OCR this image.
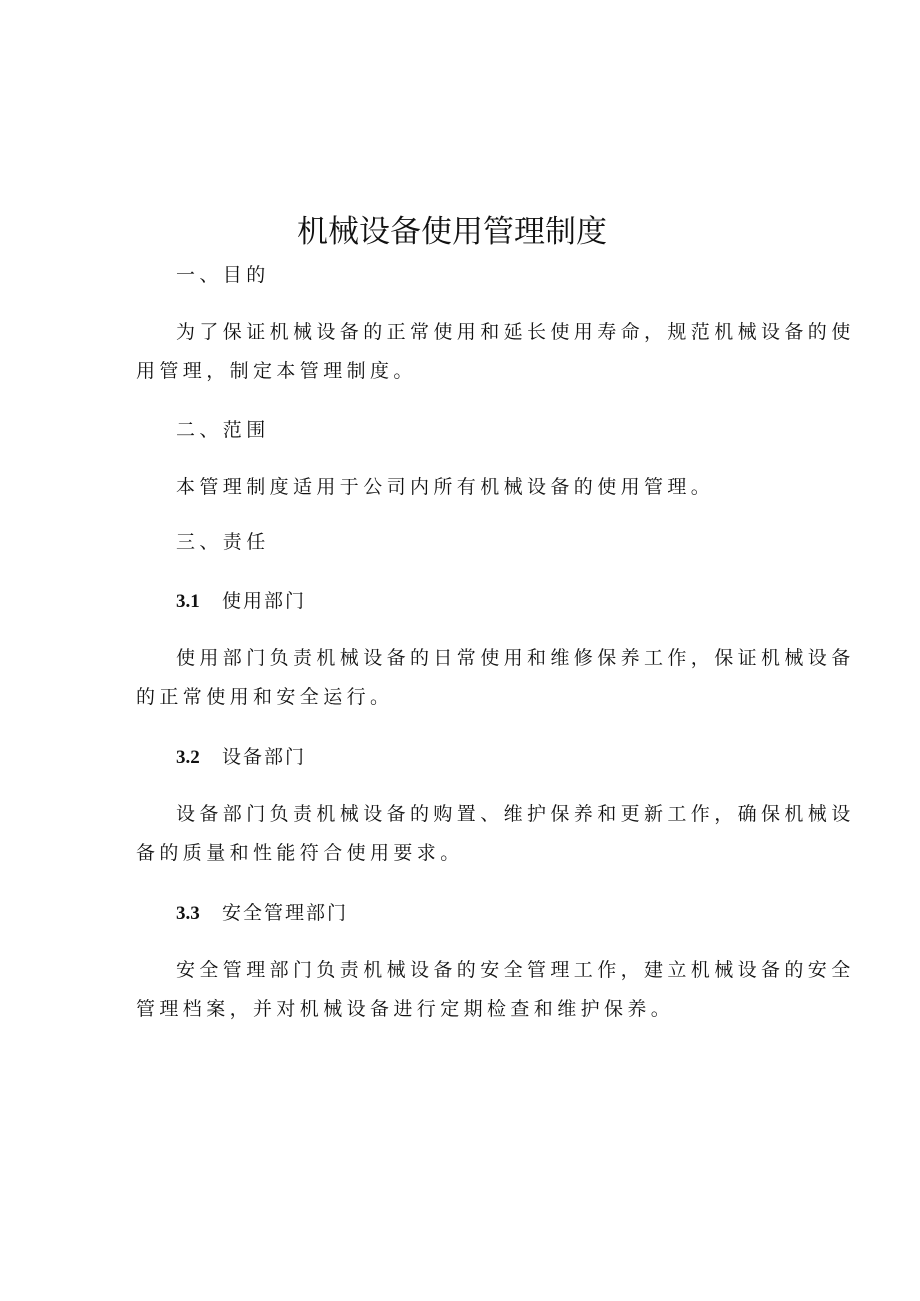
机械设备使用管理制度
一、目的
为了保证机械设备的正常使用和延长使用寿命，规范机械设备的使
用管理，制定本管理制度。
二、范围
本管理制度适用于公司内所有机械设备的使用管理。
三、责任
3.1 使用部门
使用部门负责机械设备的日常使用和维修保养工作，保证机械设备
的正常使用和安全运行。
3.2 设备部门
设备部门负责机械设备的购置、维护保养和更新工作，确保机械设
备的质量和性能符合使用要求。
3.3 安全管理部门
安全管理部门负责机械设备的安全管理工作，建立机械设备的安全
管理档案，并对机械设备进行定期检查和维护保养。
